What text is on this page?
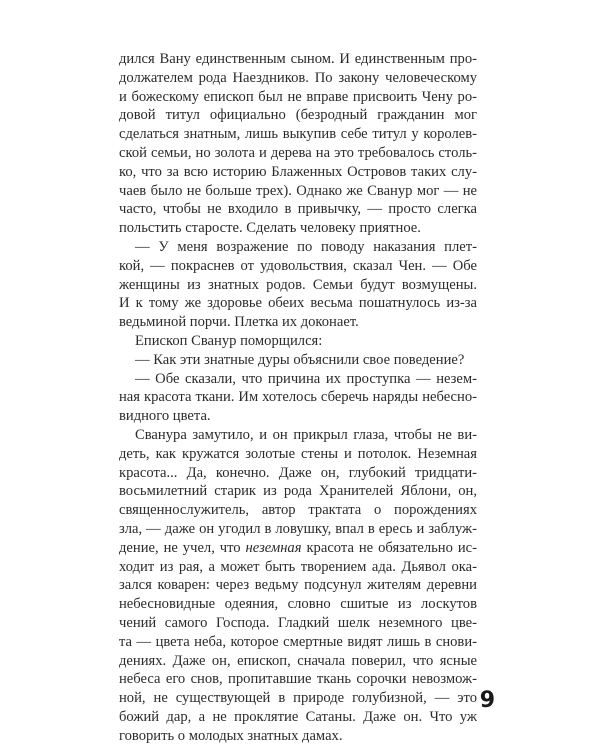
дился Вану единственным сыном. И единственным про-
должателем рода Наездников. По закону человеческому
и божескому епископ был не вправе присвоить Чену ро-
довой титул официально (безродный гражданин мог
сделаться знатным, лишь выкупив себе титул у королев-
ской семьи, но золота и дерева на это требовалось столь-
ко, что за всю историю Блаженных Островов таких слу-
чаев было не больше трех). Однако же Сванур мог — не
часто, чтобы не входило в привычку, — просто слегка
польстить старосте. Сделать человеку приятное.
— У меня возражение по поводу наказания плет-
кой, — покраснев от удовольствия, сказал Чен. — Обе
женщины из знатных родов. Семьи будут возмущены.
И к тому же здоровье обеих весьма пошатнулось из-за
ведьминой порчи. Плетка их доконает.
Епископ Сванур поморщился:
— Как эти знатные дуры объяснили свое поведение?
— Обе сказали, что причина их проступка — незем-
ная красота ткани. Им хотелось сберечь наряды небесно-
видного цвета.
Сванура замутило, и он прикрыл глаза, чтобы не ви-
деть, как кружатся золотые стены и потолок. Неземная
красота... Да, конечно. Даже он, глубокий тридцати-
восьмилетний старик из рода Хранителей Яблони, он,
священнослужитель, автор трактата о порождениях
зла, — даже он угодил в ловушку, впал в ересь и заблуж-
дение, не учел, что неземная красота не обязательно ис-
ходит из рая, а может быть творением ада. Дьявол ока-
зался коварен: через ведьму подсунул жителям деревни
небесновидные одеяния, словно сшитые из лоскутов
чений самого Господа. Гладкий шелк неземного цве-
та — цвета неба, которое смертные видят лишь в снови-
дениях. Даже он, епископ, сначала поверил, что ясные
небеса его снов, пропитавшие ткань сорочки невозмож-
ной, не существующей в природе голубизной, — это
божий дар, а не проклятие Сатаны. Даже он. Что уж
говорить о молодых знатных дамах.
9
